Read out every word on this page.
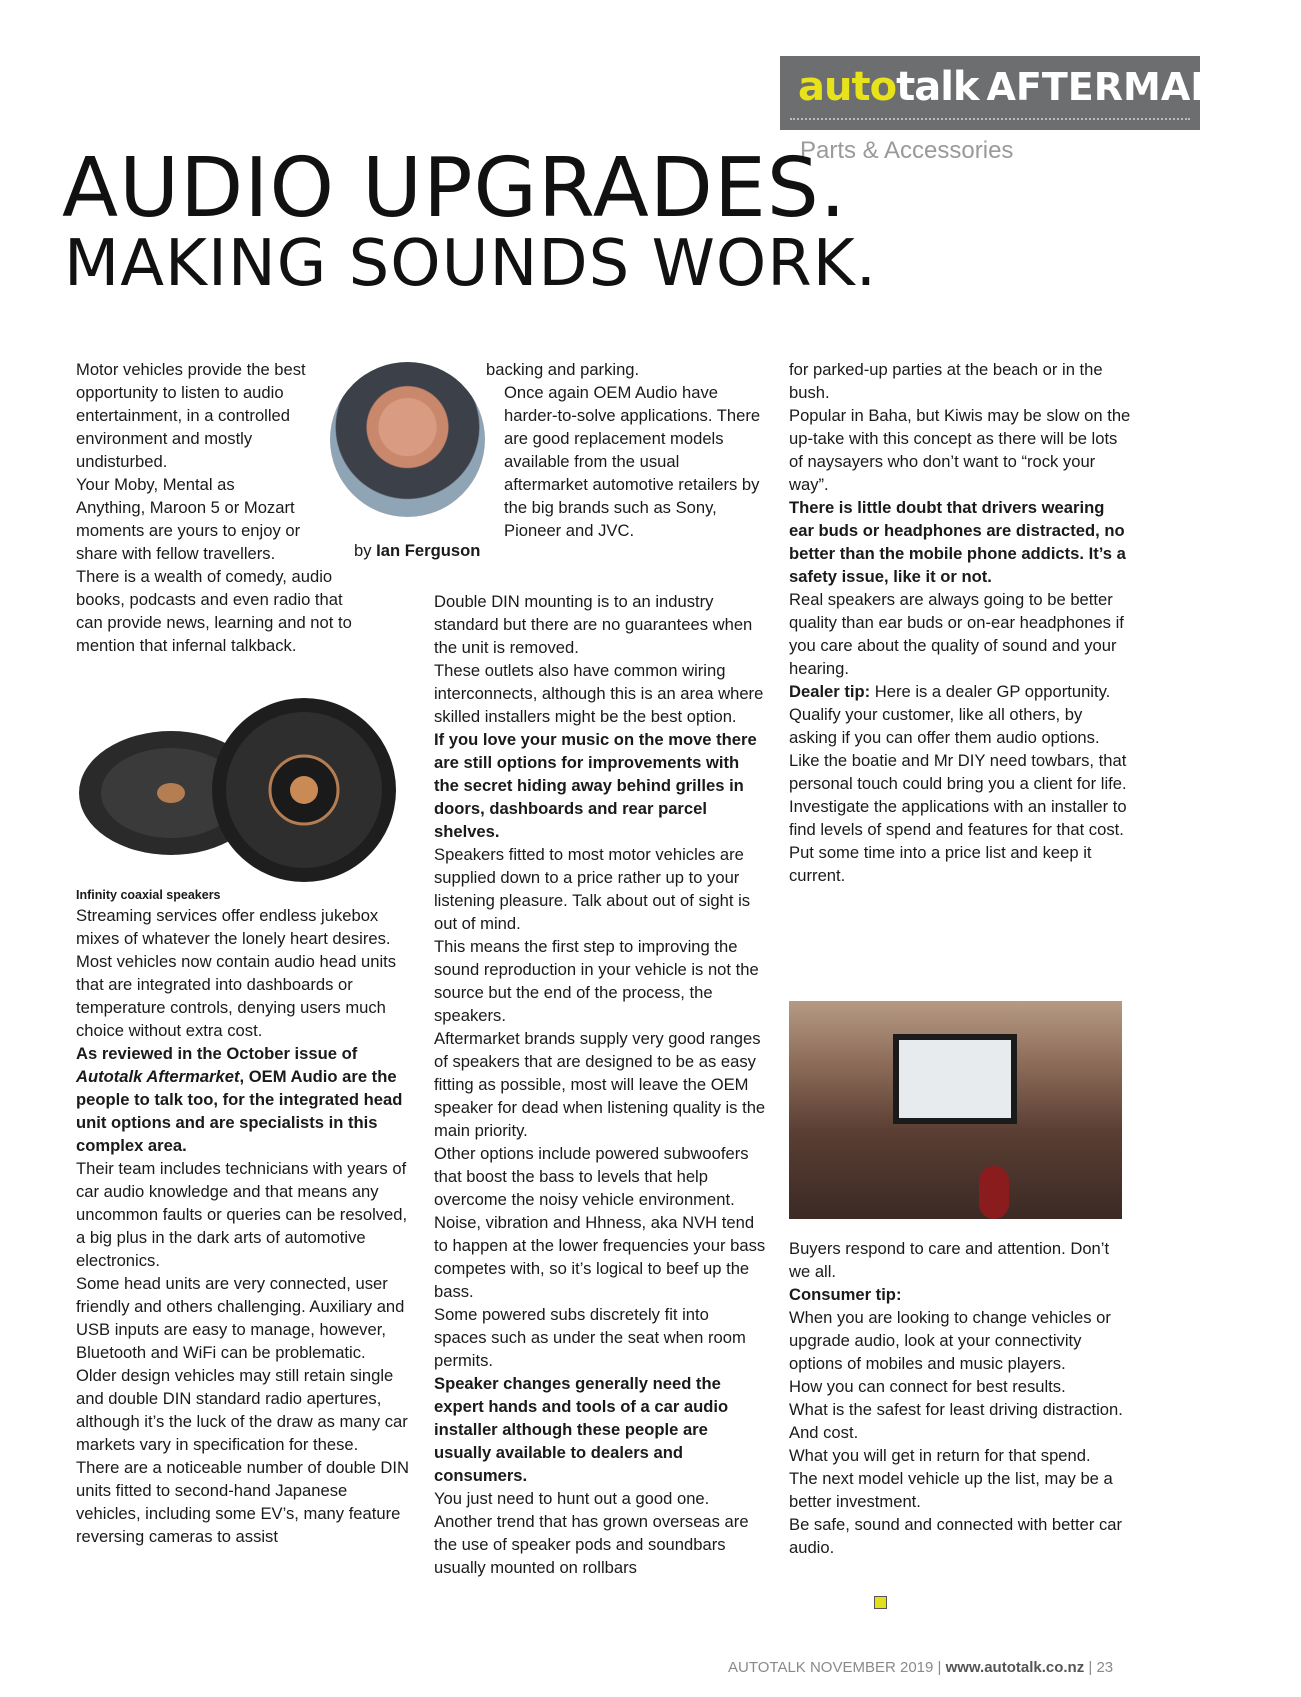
autotalk AFTERMARKET
Parts & Accessories
AUDIO UPGRADES.
MAKING SOUNDS WORK.

Motor vehicles provide the best

opportunity to listen to audio

entertainment, in a controlled

environment and mostly

undisturbed.

Your Moby, Mental as

Anything, Maroon 5 or Mozart

moments are yours to enjoy or

share with fellow travellers.

There is a wealth of comedy, audio

books, podcasts and even radio that

can provide news, learning and not to

mention that infernal talkback.

by Ian Ferguson
Infinity coaxial speakers

Streaming services offer endless jukebox mixes of whatever the lonely heart desires. Most vehicles now contain audio head units that are integrated into dashboards or temperature controls, denying users much choice without extra cost.

As reviewed in the October issue of Autotalk Aftermarket, OEM Audio are the people to talk too, for the integrated head unit options and are specialists in this complex area.

Their team includes technicians with years of car audio knowledge and that means any uncommon faults or queries can be resolved, a big plus in the dark arts of automotive electronics.

Some head units are very connected, user friendly and others challenging. Auxiliary and USB inputs are easy to manage, however, Bluetooth and WiFi can be problematic.

Older design vehicles may still retain single and double DIN standard radio apertures, although it’s the luck of the draw as many car markets vary in specification for these.

There are a noticeable number of double DIN units fitted to second-hand Japanese vehicles, including some EV’s, many feature reversing cameras to assist

backing and parking.

Once again OEM Audio have harder-to-solve applications. There are good replacement models available from the usual aftermarket automotive retailers by the big brands such as Sony, Pioneer and JVC.

Double DIN mounting is to an industry standard but there are no guarantees when the unit is removed.

These outlets also have common wiring interconnects, although this is an area where skilled installers might be the best option.

If you love your music on the move there are still options for improvements with the secret hiding away behind grilles in doors, dashboards and rear parcel shelves.

Speakers fitted to most motor vehicles are supplied down to a price rather up to your listening pleasure. Talk about out of sight is out of mind.

This means the first step to improving the sound reproduction in your vehicle is not the source but the end of the process, the speakers.

Aftermarket brands supply very good ranges of speakers that are designed to be as easy fitting as possible, most will leave the OEM speaker for dead when listening quality is the main priority.

Other options include powered subwoofers

that boost the bass to levels that help overcome the noisy vehicle environment. Noise, vibration and Hhness, aka NVH tend to happen at the lower frequencies your bass competes with, so it’s logical to beef up the bass.

Some powered subs discretely fit into spaces such as under the seat when room permits.

Speaker changes generally need the expert hands and tools of a car audio installer although these people are usually available to dealers and consumers.

You just need to hunt out a good one.

Another trend that has grown overseas are the use of speaker pods and soundbars usually mounted on rollbars

for parked-up parties at the beach or in the bush.

Popular in Baha, but Kiwis may be slow on the up-take with this concept as there will be lots of naysayers who don’t want to “rock your way”.

There is little doubt that drivers wearing ear buds or headphones are distracted, no better than the mobile phone addicts. It’s a safety issue, like it or not.

Real speakers are always going to be better quality than ear buds or on-ear headphones if you care about the quality of sound and your hearing.

Dealer tip: Here is a dealer GP opportunity.

Qualify your customer, like all others, by asking if you can offer them audio options. Like the boatie and Mr DIY need towbars, that personal touch could bring you a client for life.

Investigate the applications with an installer to find levels of spend and features for that cost.

Put some time into a price list and keep it current.

Buyers respond to care and attention. Don’t we all.

Consumer tip:

When you are looking to change vehicles or upgrade audio, look at your connectivity options of mobiles and music players.

How you can connect for best results.

What is the safest for least driving distraction.

And cost.

What you will get in return for that spend.

The next model vehicle up the list, may be a better investment.

Be safe, sound and connected with better car audio.

AUTOTALK NOVEMBER 2019 | www.autotalk.co.nz | 23
